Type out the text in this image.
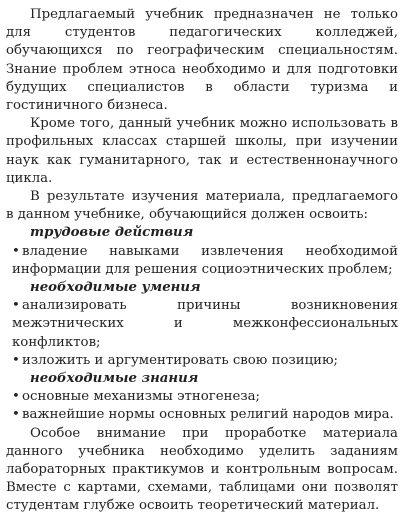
Предлагаемый учебник предназначен не только для студентов педагогических колледжей, обучающихся по географическим специальностям. Знание проблем этноса необходимо и для подготовки будущих специалистов в области туризма и гостиничного бизнеса.

Кроме того, данный учебник можно использовать в профильных классах старшей школы, при изучении наук как гуманитарного, так и естественнонаучного цикла.

В результате изучения материала, предлагаемого в данном учебнике, обучающийся должен освоить:

трудовые действия

• владение навыками извлечения необходимой информации для решения социоэтнических проблем;

необходимые умения

• анализировать причины возникновения межэтнических и межконфессиональных конфликтов;

• изложить и аргументировать свою позицию;

необходимые знания

• основные механизмы этногенеза;

• важнейшие нормы основных религий народов мира.

Особое внимание при проработке материала данного учебника необходимо уделить заданиям лабораторных практикумов и контрольным вопросам. Вместе с картами, схемами, таблицами они позволят студентам глубже освоить теоретический материал.
